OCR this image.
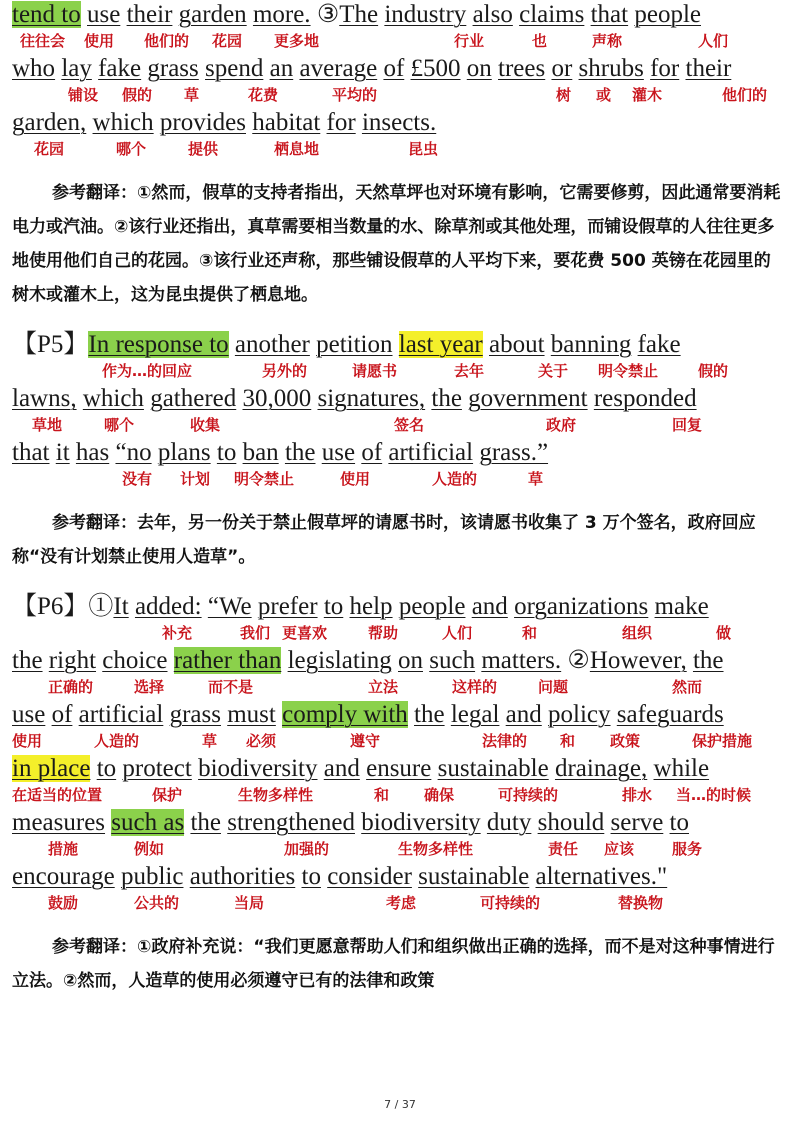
tend to use their garden more. ③The industry also claims that people
往往会 使用 他们的 花园 更多地	行业	也	声称	人们
who lay fake grass spend an average of £500 on trees or shrubs for their
铺设 假的 草	花费	平均的	树 或 灌木	他们的
garden, which provides habitat for insects.
花园	哪个	提供	栖息地	昆虫

参考翻译：①然而，假草的支持者指出，天然草坪也对环境有影响，它需要修剪，因此通常要消耗电力或汽油。②该行业还指出，真草需要相当数量的水、除草剂或其他处理，而铺设假草的人往往更多地使用他们自己的花园。③该行业还声称，那些铺设假草的人平均下来，要花费 500 英镑在花园里的树木或灌木上，这为昆虫提供了栖息地。

【P5】In response to another petition last year about banning fake
作为…的回应	另外的	请愿书	去年	关于 明令禁止	假的
lawns, which gathered 30,000 signatures, the government responded
草地	哪个	收集	签名	政府	回复
that it has “no plans to ban the use of artificial grass.”
没有 计划 明令禁止	使用	人造的	草

参考翻译：去年，另一份关于禁止假草坪的请愿书时，该请愿书收集了 3 万个签名，政府回应称“没有计划禁止使用人造草”。

【P6】①It added: “We prefer to help people and organizations make
补充	我们 更喜欢	帮助	人们	和	组织	做
the right choice rather than legislating on such matters. ②However, the
正确的	选择	而不是	立法	这样的	问题	然而
use of artificial grass must comply with the legal and policy safeguards
使用	人造的	草 必须	遵守	法律的 和 政策	保护措施
in place to protect biodiversity and ensure sustainable drainage, while
在适当的位置	保护	生物多样性	和 确保	可持续的	排水 当…的时候
measures such as the strengthened biodiversity duty should serve to
措施	例如	加强的	生物多样性	责任 应该	服务
encourage public authorities to consider sustainable alternatives."
鼓励	公共的	当局	考虑	可持续的	替换物

参考翻译：①政府补充说：“我们更愿意帮助人们和组织做出正确的选择，而不是对这种事情进行立法。②然而，人造草的使用必须遵守已有的法律和政策

7 / 37
